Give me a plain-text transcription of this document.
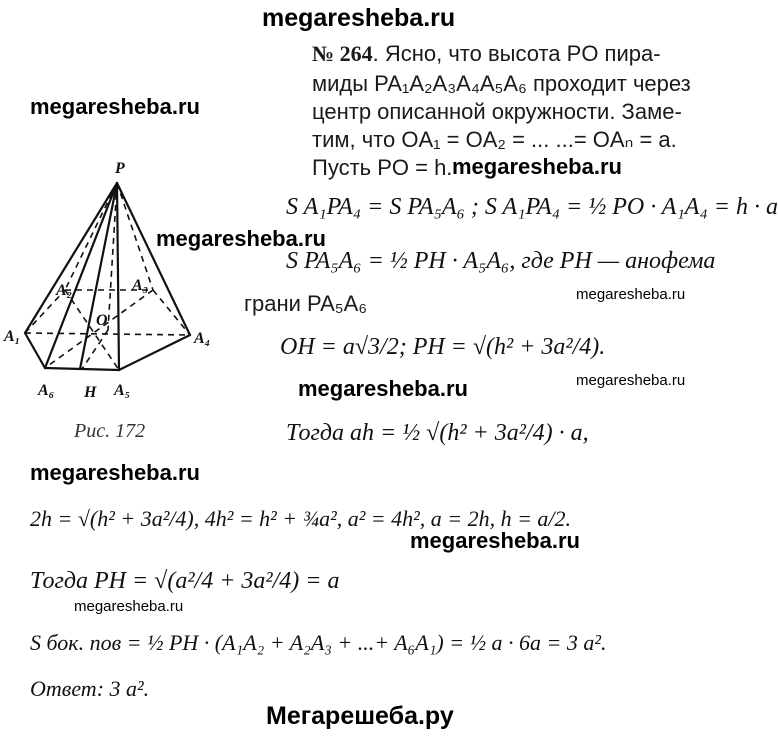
megaresheba.ru
Мегарешеба.ру
№ 264. Ясно, что высота PO пира-
миды PA₁A₂A₃A₄A₅A₆ проходит через
центр описанной окружности. Заме-
тим, что OA₁ = OA₂ = ... ...= OAₙ = a.
Пусть PO = h.
megaresheba.ru
megaresheba.ru
megaresheba.ru
megaresheba.ru
megaresheba.ru	megaresheba.ru
megaresheba.ru
megaresheba.ru
megaresheba.ru
P
A₂	A₃
A₁	A₄
O
A₆ H A₅
Рис. 172
S A₁PA₄ = S PA₅A₆ ; S A₁PA₄ = ½ PO · A₁A₄ = h · a
S PA₅A₆ = ½ PH · A₅A₆, где PH — анофема
грани PA₅A₆
OH = a√3/2; PH = √(h² + 3a²/4).
Тогда ah = ½ √(h² + 3a²/4) · a,
2h = √(h² + 3a²/4), 4h² = h² + ¾a², a² = 4h², a = 2h, h = a/2.
Тогда PH = √(a²/4 + 3a²/4) = a
S бок. пов = ½ PH · (A₁A₂ + A₂A₃ + ...+ A₆A₁) = ½ a · 6a = 3 a².
Ответ: 3 a².
